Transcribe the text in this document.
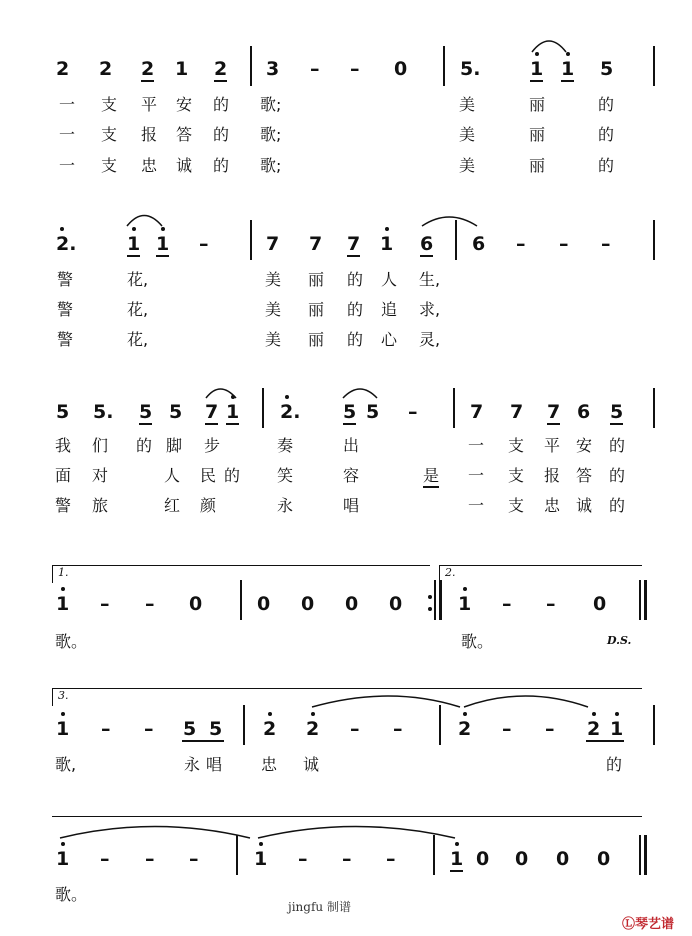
2 2 2 1 2 3 – – 0	5.	1 1 5
一 支 平 安 的 歌;	美	丽	的
一 支 报 答 的 歌;	美	丽	的
一 支 忠 诚 的 歌;	美	丽	的
2.	1 1 –	7 7 7 1 6 6 – – –
警	花,	美 丽 的 人 生,
警	花,	美 丽 的 追 求,
警	花,	美 丽 的 心 灵,
5 5. 5 5 7 1 2. 5 5 –	7 7 7 6 5
我 们 的 脚 步	奏	出	一 支 平 安 的
面 对	人 民 的 笑	容	是 一 支 报 答 的
警 旅	红 颜	永	唱	一 支 忠 诚 的
1.	2.
1 – – 0	0 0 0 0	1 – – 0
歌。	歌。	D.S.
3.
1 – – 5 5 2 2 – –	2 – – 2 1
歌,	永 唱 忠 诚	的
1 – – –	1 – – –	1 0 0 0 0
歌。
jingfu 制谱
Ⓛ琴艺谱
